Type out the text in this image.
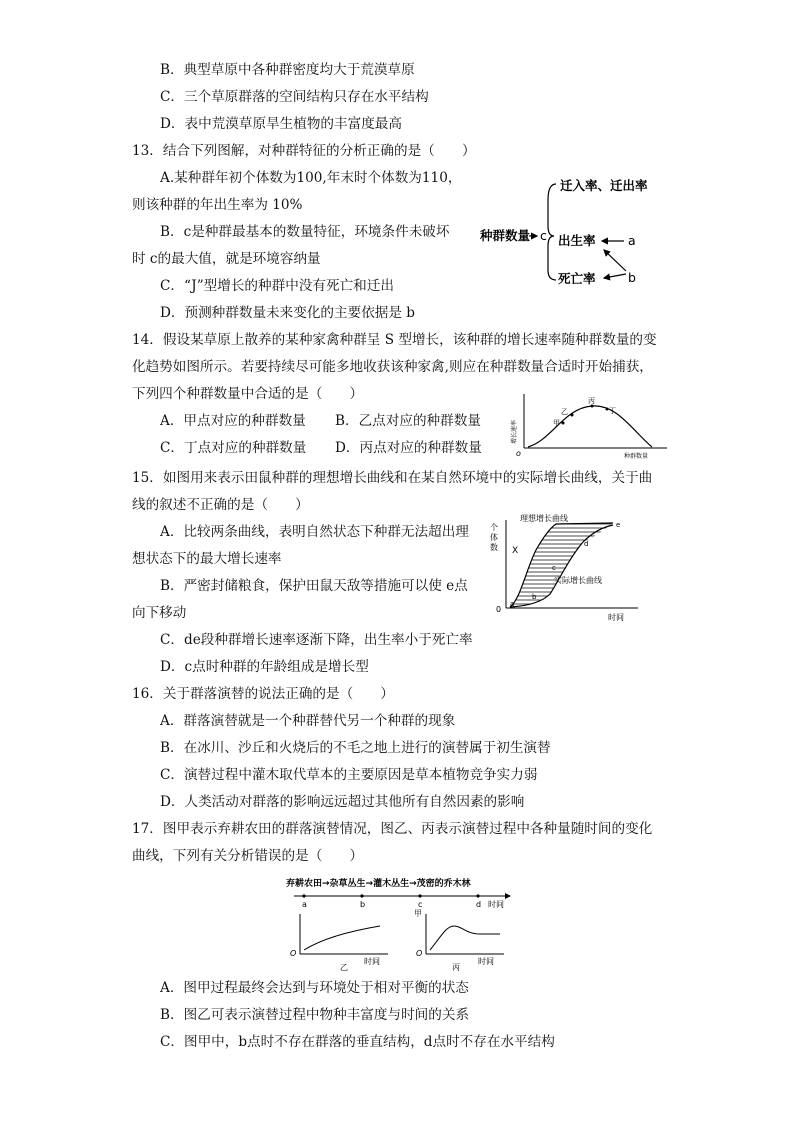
B．典型草原中各种群密度均大于荒漠草原
C．三个草原群落的空间结构只存在水平结构
D．表中荒漠草原旱生植物的丰富度最高
13．结合下列图解，对种群特征的分析正确的是（　　）
A.某种群年初个体数为100,年末时个体数为110，
则该种群的年出生率为 10%
B．c是种群最基本的数量特征，环境条件未破坏
时 c的最大值，就是环境容纳量
C．“J”型增长的种群中没有死亡和迁出
D．预测种群数量未来变化的主要依据是 b
迁入率、迁出率
种群数量 c 出生率
死亡率
a
b
14．假设某草原上散养的某种家禽种群呈 S 型增长，该种群的增长速率随种群数量的变
化趋势如图所示。若要持续尽可能多地收获该种家禽,则应在种群数量合适时开始捕获，
下列四个种群数量中合适的是（　　）
A．甲点对应的种群数量 B．乙点对应的种群数量
C．丁点对应的种群数量 D．丙点对应的种群数量
增长速率
o	种群数量
甲
乙
丙
丁
15．如图用来表示田鼠种群的理想增长曲线和在某自然环境中的实际增长曲线，关于曲
线的叙述不正确的是（　　）
A．比较两条曲线，表明自然状态下种群无法超出理
想状态下的最大增长速率
B．严密封储粮食，保护田鼠天敌等措施可以使 e点
向下移动
C．de段种群增长速率逐渐下降，出生率小于死亡率
D．c点时种群的年龄组成是增长型
个
体
数
0
时间
理想增长曲线
实际增长曲线
X
a
b
c
d
e
16．关于群落演替的说法正确的是（　　）
A．群落演替就是一个种群替代另一个种群的现象
B．在冰川、沙丘和火烧后的不毛之地上进行的演替属于初生演替
C．演替过程中灌木取代草本的主要原因是草本植物竞争实力弱
D．人类活动对群落的影响远远超过其他所有自然因素的影响
17．图甲表示弃耕农田的群落演替情况，图乙、丙表示演替过程中各种量随时间的变化
曲线，下列有关分析错误的是（　　）
弃耕农田→杂草丛生→灌木丛生→茂密的乔木林
a	b	c	d 时间
甲
O
时间
乙
O
时间
丙
A．图甲过程最终会达到与环境处于相对平衡的状态
B．图乙可表示演替过程中物种丰富度与时间的关系
C．图甲中，b点时不存在群落的垂直结构，d点时不存在水平结构
